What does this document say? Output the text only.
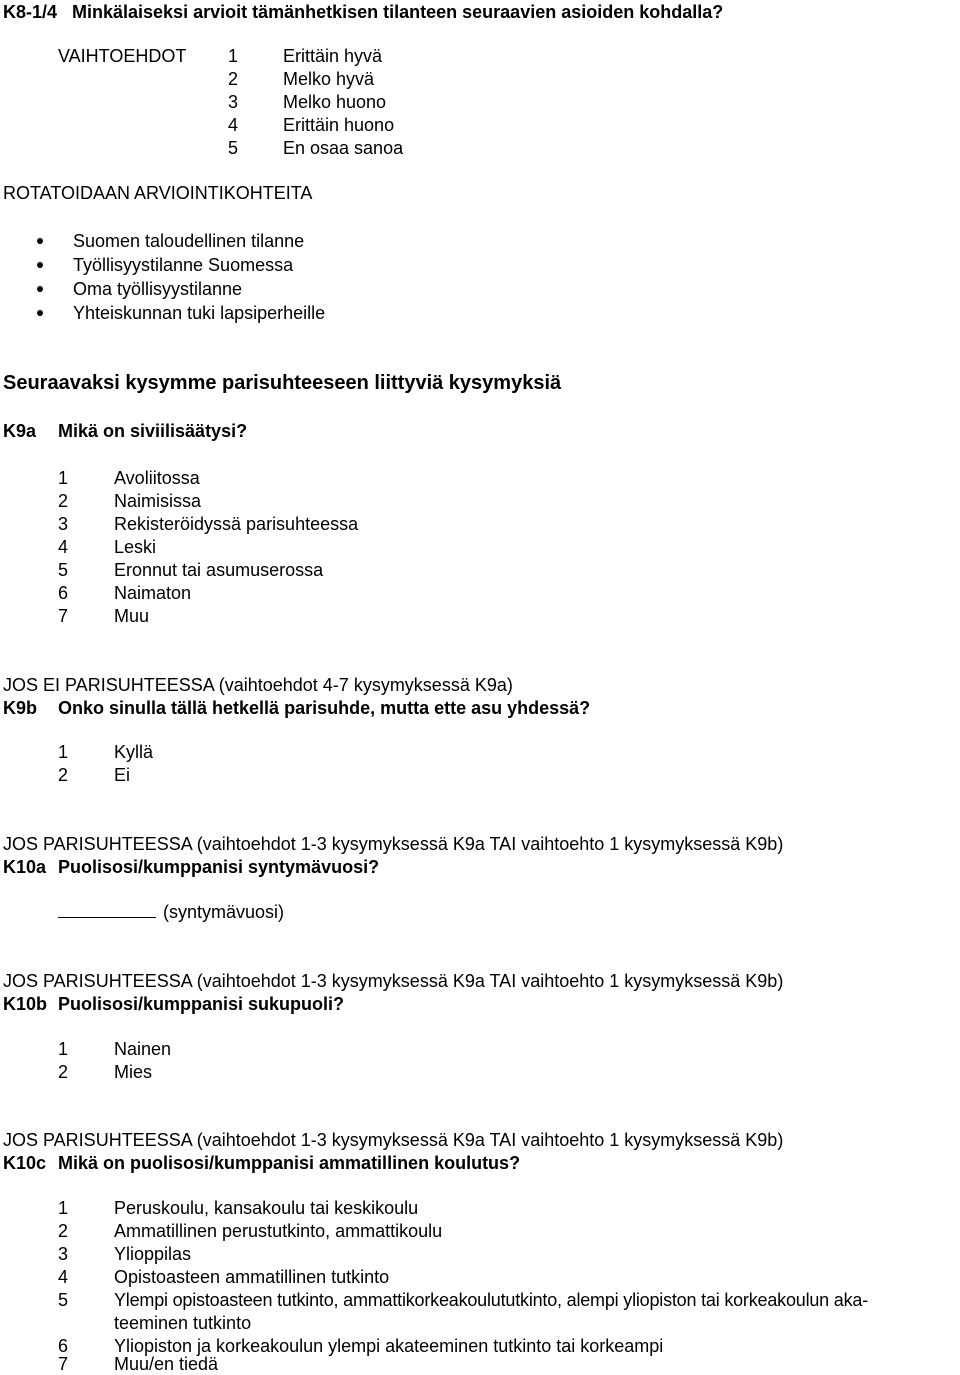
K8-1/4 Minkälaiseksi arvioit tämänhetkisen tilanteen seuraavien asioiden kohdalla?
VAIHTOEHDOT 1 Erittäin hyvä
2 Melko hyvä
3 Melko huono
4 Erittäin huono
5 En osaa sanoa
ROTATOIDAAN ARVIOINTIKOHTEITA
Suomen taloudellinen tilanne
Työllisyystilanne Suomessa
Oma työllisyystilanne
Yhteiskunnan tuki lapsiperheille
Seuraavaksi kysymme parisuhteeseen liittyviä kysymyksiä
K9a Mikä on siviilisäätysi?
1	Avoliitossa
2	Naimisissa
3	Rekisteröidyssä parisuhteessa
4	Leski
5	Eronnut tai asumuserossa
6	Naimaton
7	Muu
JOS EI PARISUHTEESSA (vaihtoehdot 4-7 kysymyksessä K9a)
K9b Onko sinulla tällä hetkellä parisuhde, mutta ette asu yhdessä?
1	Kyllä
2	Ei
JOS PARISUHTEESSA (vaihtoehdot 1-3 kysymyksessä K9a TAI vaihtoehto 1 kysymyksessä K9b)
K10a Puolisosi/kumppanisi syntymävuosi?
(syntymävuosi)
JOS PARISUHTEESSA (vaihtoehdot 1-3 kysymyksessä K9a TAI vaihtoehto 1 kysymyksessä K9b)
K10b Puolisosi/kumppanisi sukupuoli?
1	Nainen
2	Mies
JOS PARISUHTEESSA (vaihtoehdot 1-3 kysymyksessä K9a TAI vaihtoehto 1 kysymyksessä K9b)
K10c Mikä on puolisosi/kumppanisi ammatillinen koulutus?
1	Peruskoulu, kansakoulu tai keskikoulu
2	Ammatillinen perustutkinto, ammattikoulu
3	Ylioppilas
4	Opistoasteen ammatillinen tutkinto
5	Ylempi opistoasteen tutkinto, ammattikorkeakoulututkinto, alempi yliopiston tai korkeakoulun aka-
teeminen tutkinto
6	Yliopiston ja korkeakoulun ylempi akateeminen tutkinto tai korkeampi
7	Muu/en tiedä
